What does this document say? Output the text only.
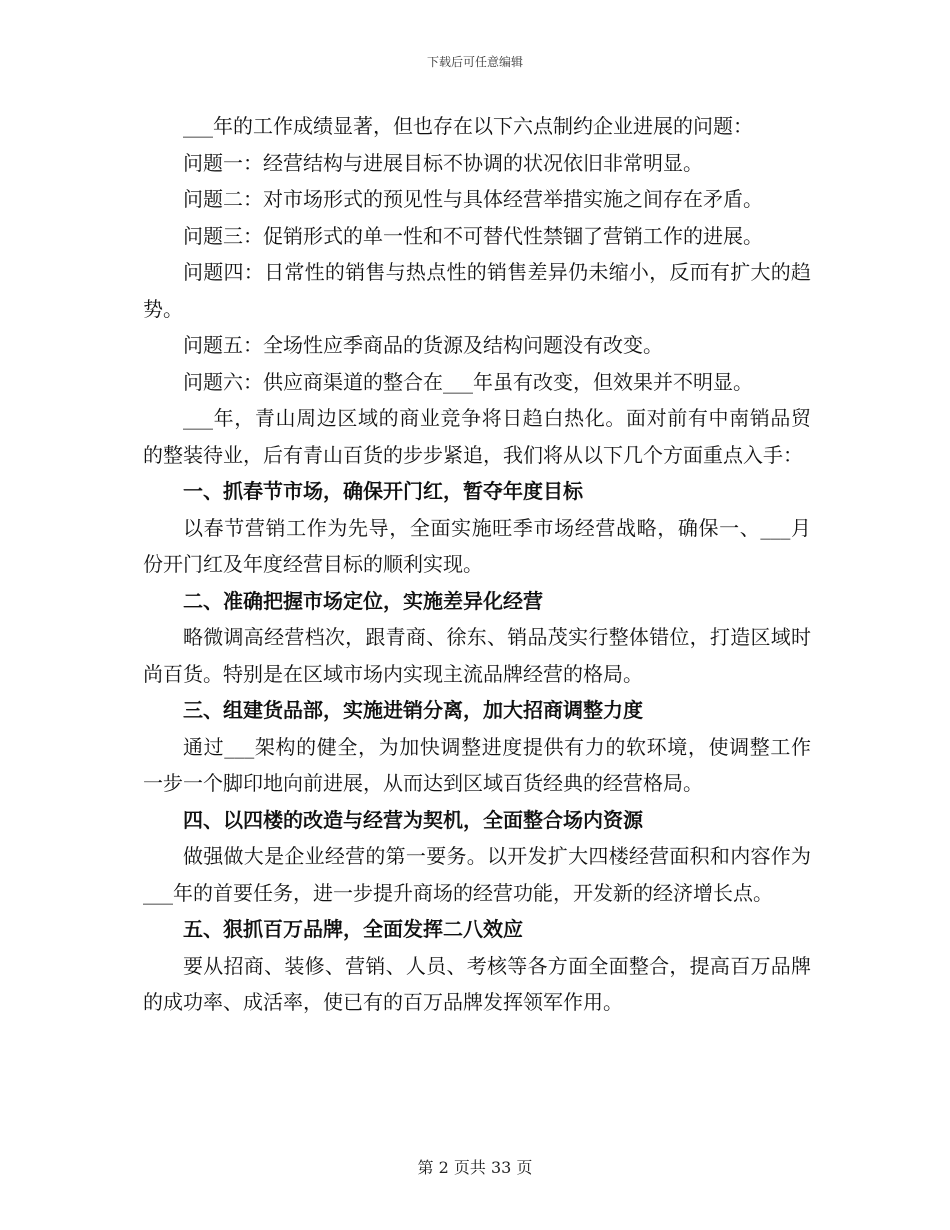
下载后可任意编辑

___年的工作成绩显著，但也存在以下六点制约企业进展的问题：

问题一：经营结构与进展目标不协调的状况依旧非常明显。

问题二：对市场形式的预见性与具体经营举措实施之间存在矛盾。

问题三：促销形式的单一性和不可替代性禁锢了营销工作的进展。

问题四：日常性的销售与热点性的销售差异仍未缩小，反而有扩大的趋势。

问题五：全场性应季商品的货源及结构问题没有改变。

问题六：供应商渠道的整合在___年虽有改变，但效果并不明显。

___年，青山周边区域的商业竞争将日趋白热化。面对前有中南销品贸的整装待业，后有青山百货的步步紧追，我们将从以下几个方面重点入手：

一、抓春节市场，确保开门红，暂夺年度目标

以春节营销工作为先导，全面实施旺季市场经营战略，确保一、___月份开门红及年度经营目标的顺利实现。

二、准确把握市场定位，实施差异化经营

略微调高经营档次，跟青商、徐东、销品茂实行整体错位，打造区域时尚百货。特别是在区域市场内实现主流品牌经营的格局。

三、组建货品部，实施进销分离，加大招商调整力度

通过___架构的健全，为加快调整进度提供有力的软环境，使调整工作一步一个脚印地向前进展，从而达到区域百货经典的经营格局。

四、以四楼的改造与经营为契机，全面整合场内资源

做强做大是企业经营的第一要务。以开发扩大四楼经营面积和内容作为___年的首要任务，进一步提升商场的经营功能，开发新的经济增长点。

五、狠抓百万品牌，全面发挥二八效应

要从招商、装修、营销、人员、考核等各方面全面整合，提高百万品牌的成功率、成活率，使已有的百万品牌发挥领军作用。

第 2 页共 33 页
